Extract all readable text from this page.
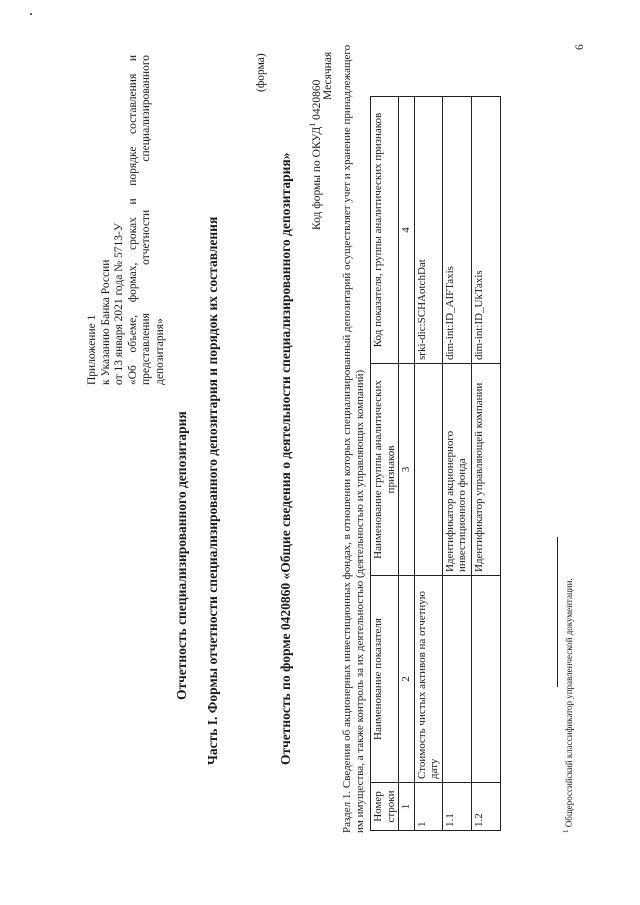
Приложение 1 к Указанию Банка России от 13 января 2021 года № 5713-У «Об объеме, формах, сроках и порядке составления и представления отчетности специализированного депозитария»
Отчетность специализированного депозитария Часть I. Формы отчетности специализированного депозитария и порядок их составления
(форма)
Отчетность по форме 0420860 «Общие сведения о деятельности специализированного депозитария» Код формы по ОКУД$^1$ 0420860 Месячная Раздел 1. Сведения об акционерных инвестиционных фондах, в отношении которых специализированный депозитарий осуществляет учет и хранение принадлежащего им имущества, а также контроль за их деятельностью (деятельностью их управляющих компаний) Номер строки	Наименование показателя	Наименование группы аналитических признаков	Код показателя, группы аналитических признаков
1	2	3	4
1	Стоимость чистых активов на отчетную дату		srki-dic:SCHAotchDat
1.1		Идентификатор акционерного инвестиционного фонда	dim-int:ID_AIFTaxis
1.2		Идентификатор управляющей компании	dim-int:ID_UkTaxis
$^1$ Общероссийский классификатор управленческой документации.
6
